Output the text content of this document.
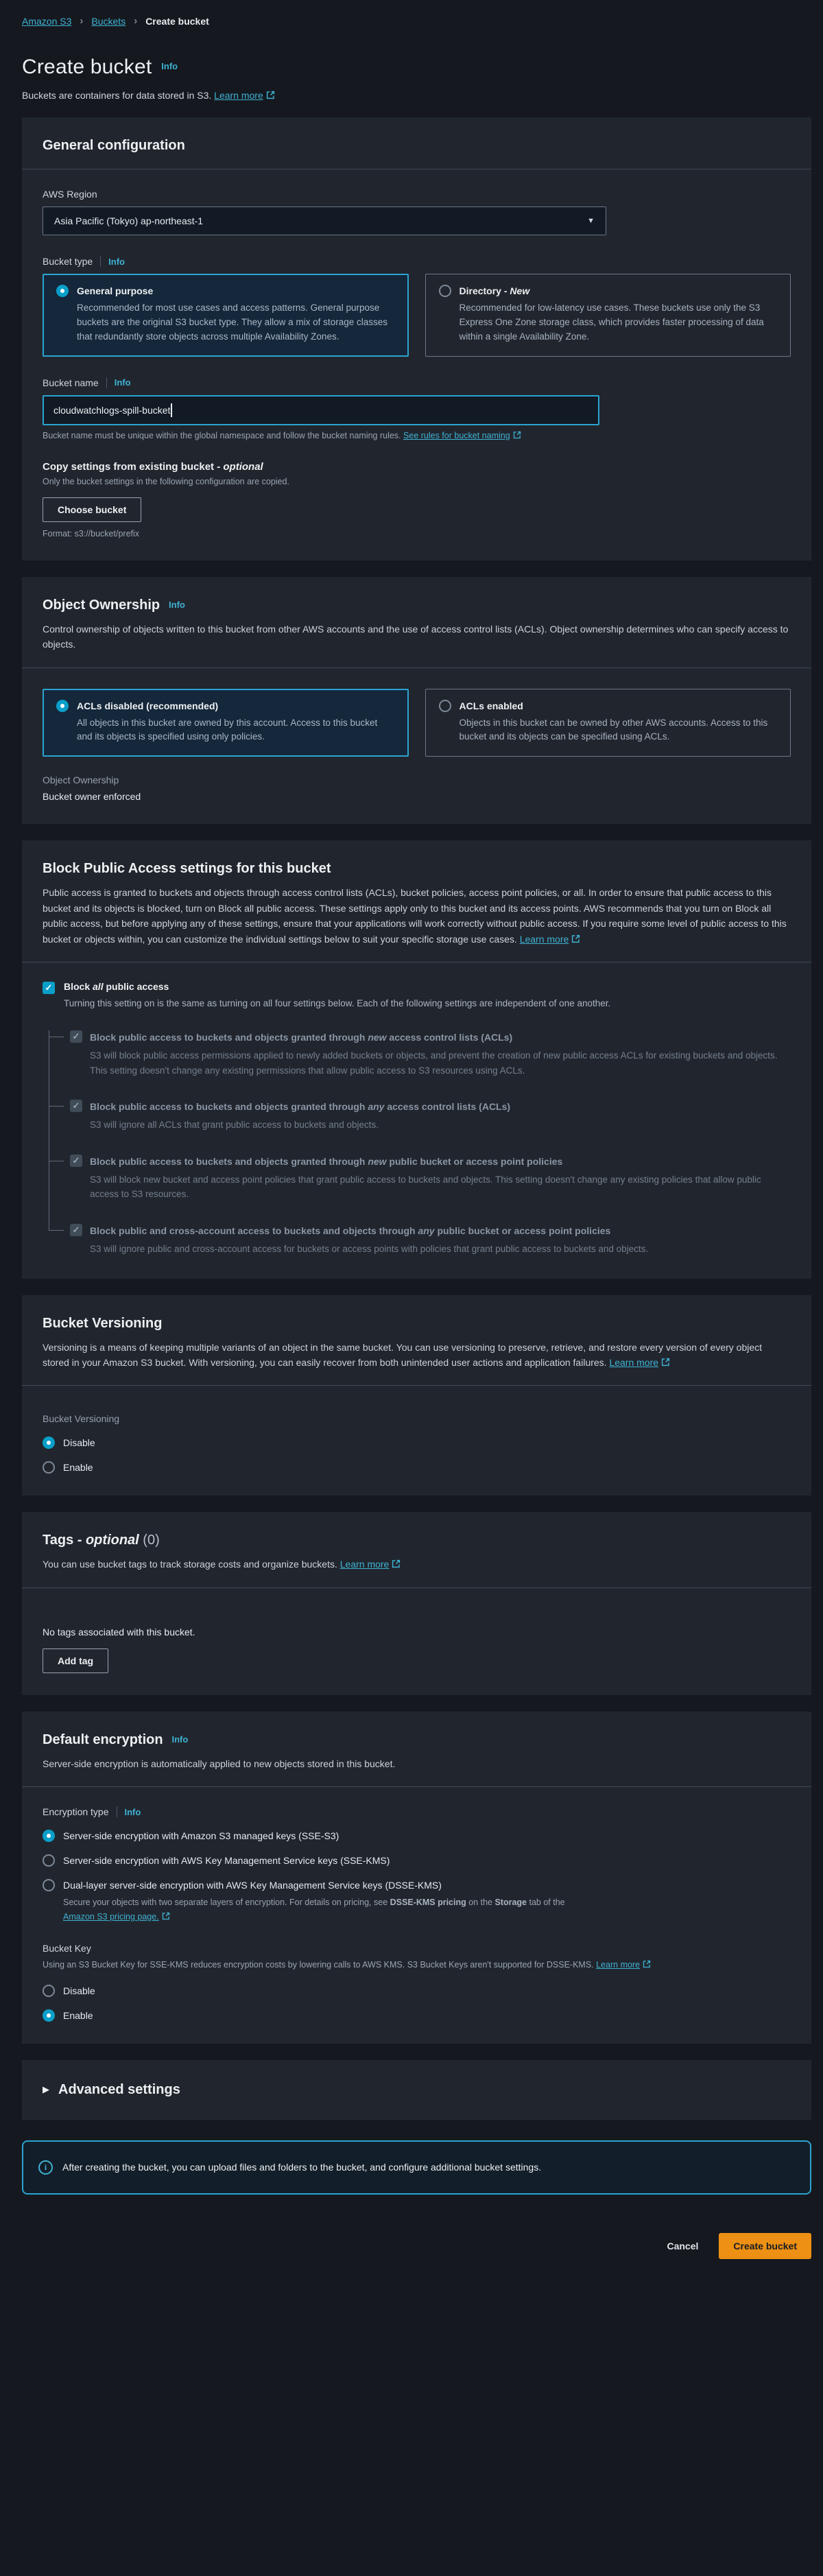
Amazon S3 › Buckets › Create bucket
Create bucket Info
Buckets are containers for data stored in S3. Learn more
General configuration
AWS Region
Asia Pacific (Tokyo) ap-northeast-1	▼
Bucket type Info
General purpose
Recommended for most use cases and access patterns. General purpose buckets are the original S3 bucket type. They allow a mix of storage classes that redundantly store objects across multiple Availability Zones.
Directory - New
Recommended for low-latency use cases. These buckets use only the S3 Express One Zone storage class, which provides faster processing of data within a single Availability Zone.
Bucket name Info
cloudwatchlogs-spill-bucket
Bucket name must be unique within the global namespace and follow the bucket naming rules. See rules for bucket naming
Copy settings from existing bucket - optional
Only the bucket settings in the following configuration are copied.
Choose bucket
Format: s3://bucket/prefix
Object Ownership Info
Control ownership of objects written to this bucket from other AWS accounts and the use of access control lists (ACLs). Object ownership determines who can specify access to objects.
ACLs disabled (recommended)
All objects in this bucket are owned by this account. Access to this bucket and its objects is specified using only policies.
ACLs enabled
Objects in this bucket can be owned by other AWS accounts. Access to this bucket and its objects can be specified using ACLs.
Object Ownership
Bucket owner enforced
Block Public Access settings for this bucket
Public access is granted to buckets and objects through access control lists (ACLs), bucket policies, access point policies, or all. In order to ensure that public access to this bucket and its objects is blocked, turn on Block all public access. These settings apply only to this bucket and its access points. AWS recommends that you turn on Block all public access, but before applying any of these settings, ensure that your applications will work correctly without public access. If you require some level of public access to this bucket or objects within, you can customize the individual settings below to suit your specific storage use cases. Learn more
✓
Block all public access
Turning this setting on is the same as turning on all four settings below. Each of the following settings are independent of one another.
✓
Block public access to buckets and objects granted through new access control lists (ACLs)
S3 will block public access permissions applied to newly added buckets or objects, and prevent the creation of new public access ACLs for existing buckets and objects. This setting doesn't change any existing permissions that allow public access to S3 resources using ACLs.
✓
Block public access to buckets and objects granted through any access control lists (ACLs)
S3 will ignore all ACLs that grant public access to buckets and objects.
✓
Block public access to buckets and objects granted through new public bucket or access point policies
S3 will block new bucket and access point policies that grant public access to buckets and objects. This setting doesn't change any existing policies that allow public access to S3 resources.
✓
Block public and cross-account access to buckets and objects through any public bucket or access point policies
S3 will ignore public and cross-account access for buckets or access points with policies that grant public access to buckets and objects.
Bucket Versioning
Versioning is a means of keeping multiple variants of an object in the same bucket. You can use versioning to preserve, retrieve, and restore every version of every object stored in your Amazon S3 bucket. With versioning, you can easily recover from both unintended user actions and application failures. Learn more
Bucket Versioning
Disable
Enable
Tags - optional (0)
You can use bucket tags to track storage costs and organize buckets. Learn more
No tags associated with this bucket.
Add tag
Default encryption Info
Server-side encryption is automatically applied to new objects stored in this bucket.
Encryption type Info
Server-side encryption with Amazon S3 managed keys (SSE-S3)
Server-side encryption with AWS Key Management Service keys (SSE-KMS)
Dual-layer server-side encryption with AWS Key Management Service keys (DSSE-KMS)
Secure your objects with two separate layers of encryption. For details on pricing, see DSSE-KMS pricing on the Storage tab of the
Amazon S3 pricing page.
Bucket Key
Using an S3 Bucket Key for SSE-KMS reduces encryption costs by lowering calls to AWS KMS. S3 Bucket Keys aren't supported for DSSE-KMS. Learn more
Disable
Enable
▶ Advanced settings
i	After creating the bucket, you can upload files and folders to the bucket, and configure additional bucket settings.
Cancel	Create bucket
